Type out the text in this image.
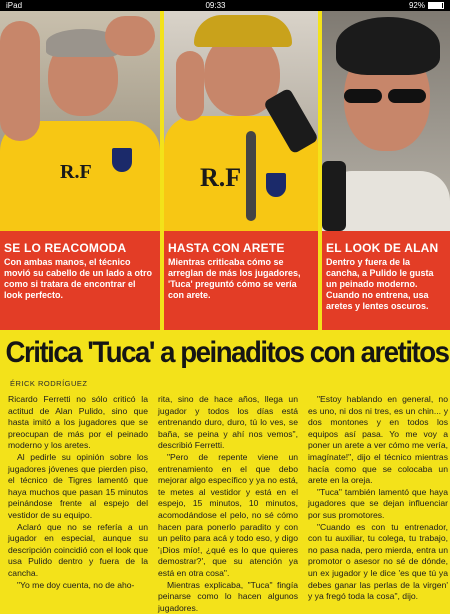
iPad	09:33	92%
R.F	R.F
SE LO REACOMODA

Con ambas manos, el técnico movió su cabello de un lado a otro como si tratara de encontrar el look perfecto.

HASTA CON ARETE

Mientras criticaba cómo se arreglan de más los jugadores, 'Tuca' preguntó cómo se vería con arete.

EL LOOK DE ALAN

Dentro y fuera de la cancha, a Pulido le gusta un peinado moderno. Cuando no entrena, usa aretes y lentes oscuros.

Critica 'Tuca' a peinaditos con aretitos
ÉRICK RODRÍGUEZ

Ricardo Ferretti no sólo criticó la actitud de Alan Pulido, sino que hasta imitó a los jugadores que se preocupan de más por el peinado moderno y los aretes.

Al pedirle su opinión sobre los jugadores jóvenes que pierden piso, el técnico de Tigres lamentó que haya muchos que pasan 15 minutos peinándose frente al espejo del vestidor de su equipo.

Aclaró que no se refería a un jugador en especial, aunque su descripción coincidió con el look que usa Pulido dentro y fuera de la cancha.

"Yo me doy cuenta, no de aho-

rita, sino de hace años, llega un jugador y todos los días está entrenando duro, duro, tú lo ves, se baña, se peina y ahí nos vemos", describió Ferretti.

"Pero de repente viene un entrenamiento en el que debo mejorar algo específico y ya no está, te metes al vestidor y está en el espejo, 15 minutos, 10 minutos, acomodándose el pelo, no sé cómo hacen para ponerlo paradito y con un pelito para acá y todo eso, y digo '¡Dios mío!, ¿qué es lo que quieres demostrar?', que su atención ya está en otra cosa".

Mientras explicaba, "Tuca" fingía peinarse como lo hacen algunos jugadores.

"Estoy hablando en general, no es uno, ni dos ni tres, es un chin... y dos montones y en todos los equipos así pasa. Yo me voy a poner un arete a ver cómo me vería, imagínate!", dijo el técnico mientras hacía como que se colocaba un arete en la oreja.

"Tuca" también lamentó que haya jugadores que se dejan influenciar por sus promotores.

"Cuando es con tu entrenador, con tu auxiliar, tu colega, tu trabajo, no pasa nada, pero mierda, entra un promotor o asesor no sé de dónde, un ex jugador y le dice 'es que tú ya debes ganar las perlas de la virgen' y ya fregó toda la cosa", dijo.
